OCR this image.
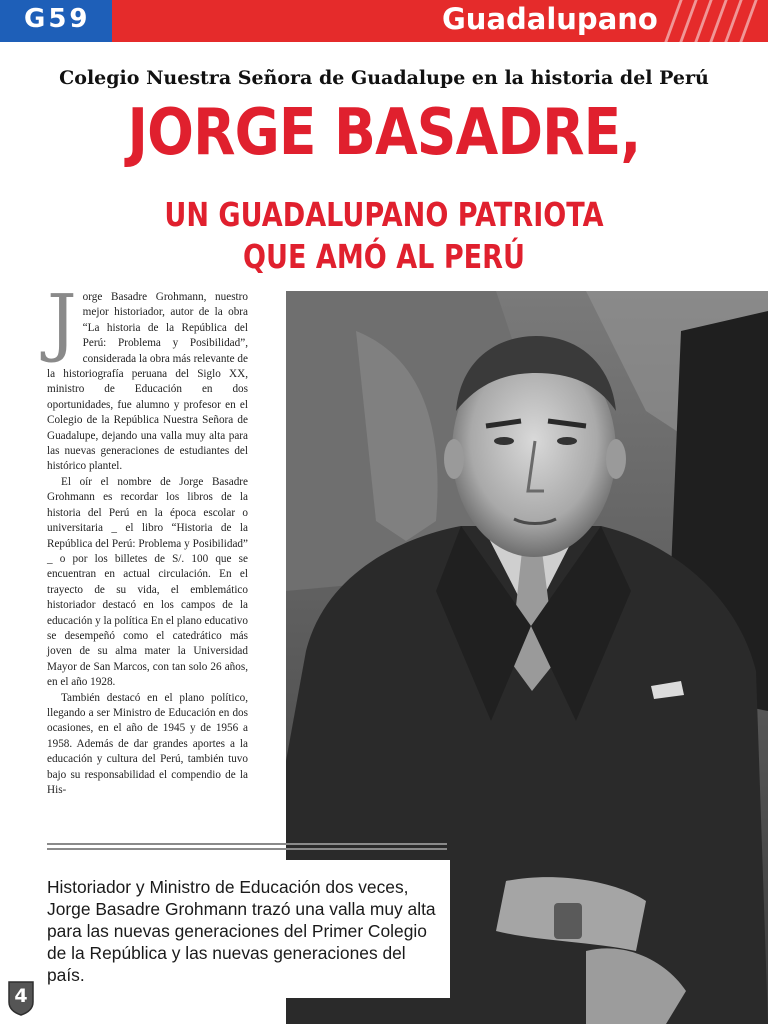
G59	Guadalupano
Colegio Nuestra Señora de Guadalupe en la historia del Perú
JORGE BASADRE,
UN GUADALUPANO PATRIOTA
QUE AMÓ AL PERÚ
J orge Basadre Grohmann, nuestro mejor historiador, autor de la obra “La historia de la República del Perú: Problema y Posibilidad”, considerada la obra más relevante de la historiografía peruana del Siglo XX, ministro de Educación en dos oportunidades, fue alumno y profesor en el Colegio de la República Nuestra Señora de Guadalupe, dejando una valla muy alta para las nuevas generaciones de estudiantes del histórico plantel.

El oír el nombre de Jorge Basadre Grohmann es recordar los libros de la historia del Perú en la época escolar o universitaria _ el libro “Historia de la República del Perú: Problema y Posibilidad” _ o por los billetes de S/. 100 que se encuentran en actual circulación. En el trayecto de su vida, el emblemático historiador destacó en los campos de la educación y la política En el plano educativo se desempeñó como el catedrático más joven de su alma mater la Universidad Mayor de San Marcos, con tan solo 26 años, en el año 1928.

También destacó en el plano político, llegando a ser Ministro de Educación en dos ocasiones, en el año de 1945 y de 1956 a 1958. Además de dar grandes aportes a la educación y cultura del Perú, también tuvo bajo su responsabilidad el compendio de la His-

Historiador y Ministro de Educación dos veces, Jorge Basadre Grohmann trazó una valla muy alta para las nuevas generaciones del Primer Colegio de la República y las nuevas generaciones del país.
4
